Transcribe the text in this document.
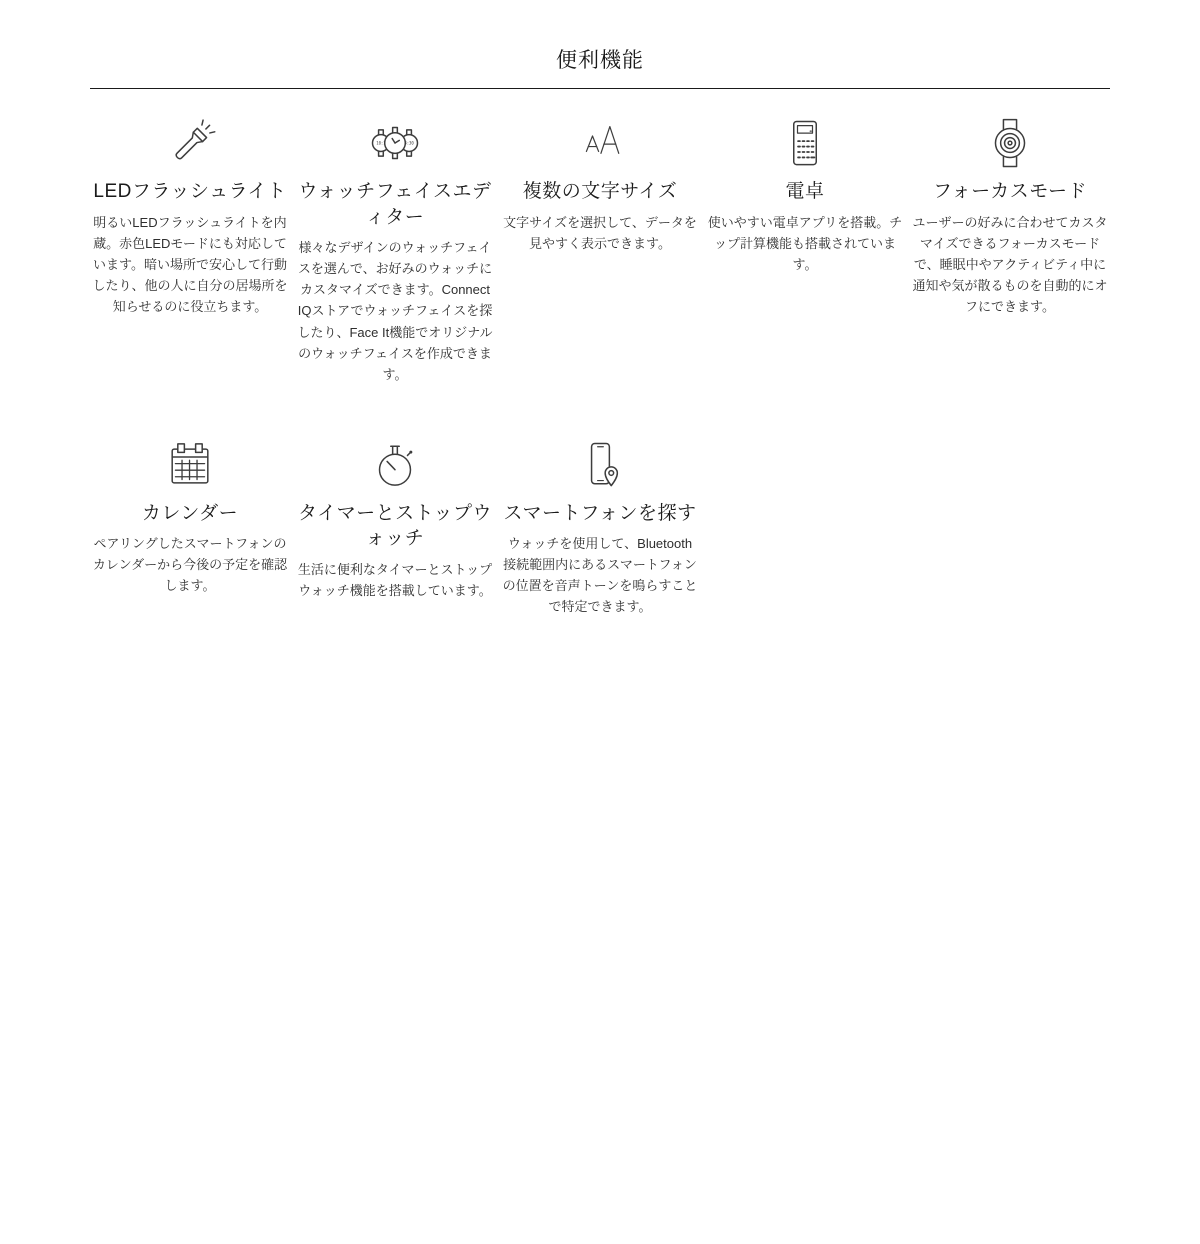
便利機能
LEDフラッシュライト
明るいLEDフラッシュライトを内蔵。赤色LEDモードにも対応しています。暗い場所で安心して行動したり、他の人に自分の居場所を知らせるのに役立ちます。
10:1	3:30
ウォッチフェイスエディター
様々なデザインのウォッチフェイスを選んで、お好みのウォッチにカスタマイズできます。Connect IQストアでウォッチフェイスを探したり、Face It機能でオリジナルのウォッチフェイスを作成できます。
複数の文字サイズ
文字サイズを選択して、データを見やすく表示できます。
電卓
使いやすい電卓アプリを搭載。チップ計算機能も搭載されています。
フォーカスモード
ユーザーの好みに合わせてカスタマイズできるフォーカスモードで、睡眠中やアクティビティ中に通知や気が散るものを自動的にオフにできます。
カレンダー
ペアリングしたスマートフォンのカレンダーから今後の予定を確認します。
タイマーとストップウォッチ
生活に便利なタイマーとストップウォッチ機能を搭載しています。
スマートフォンを探す
ウォッチを使用して、Bluetooth接続範囲内にあるスマートフォンの位置を音声トーンを鳴らすことで特定できます。
